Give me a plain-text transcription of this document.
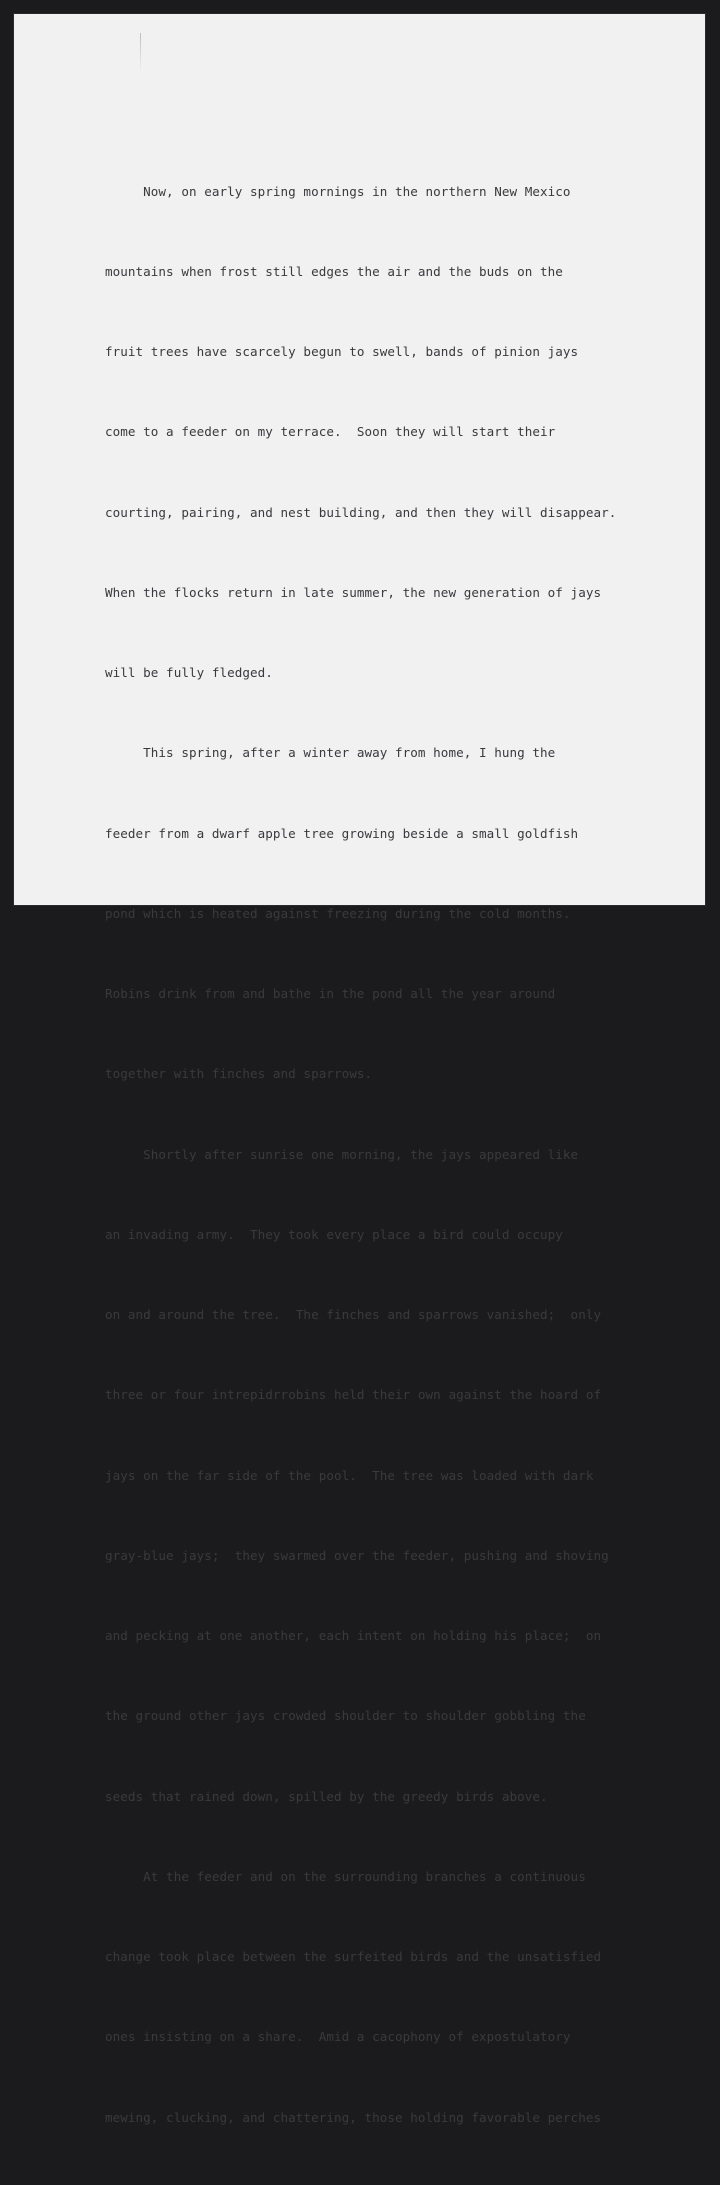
Now, on early spring mornings in the northern New Mexico

mountains when frost still edges the air and the buds on the

fruit trees have scarcely begun to swell, bands of pinion jays

come to a feeder on my terrace.  Soon they will start their

courting, pairing, and nest building, and then they will disappear.

When the flocks return in late summer, the new generation of jays

will be fully fledged.

This spring, after a winter away from home, I hung the

feeder from a dwarf apple tree growing beside a small goldfish

pond which is heated against freezing during the cold months.

Robins drink from and bathe in the pond all the year around

together with finches and sparrows.

Shortly after sunrise one morning, the jays appeared like

an invading army.  They took every place a bird could occupy

on and around the tree.  The finches and sparrows vanished;  only

three or four intrepidrrobins held their own against the hoard of

jays on the far side of the pool.  The tree was loaded with dark

gray-blue jays;  they swarmed over the feeder, pushing and shoving

and pecking at one another, each intent on holding his place;  on

the ground other jays crowded shoulder to shoulder gobbling the

seeds that rained down, spilled by the greedy birds above.

At the feeder and on the surrounding branches a continuous

change took place between the surfeited birds and the unsatisfied

ones insisting on a share.  Amid a cacophony of expostulatory

mewing, clucking, and chattering, those holding favorable perches
